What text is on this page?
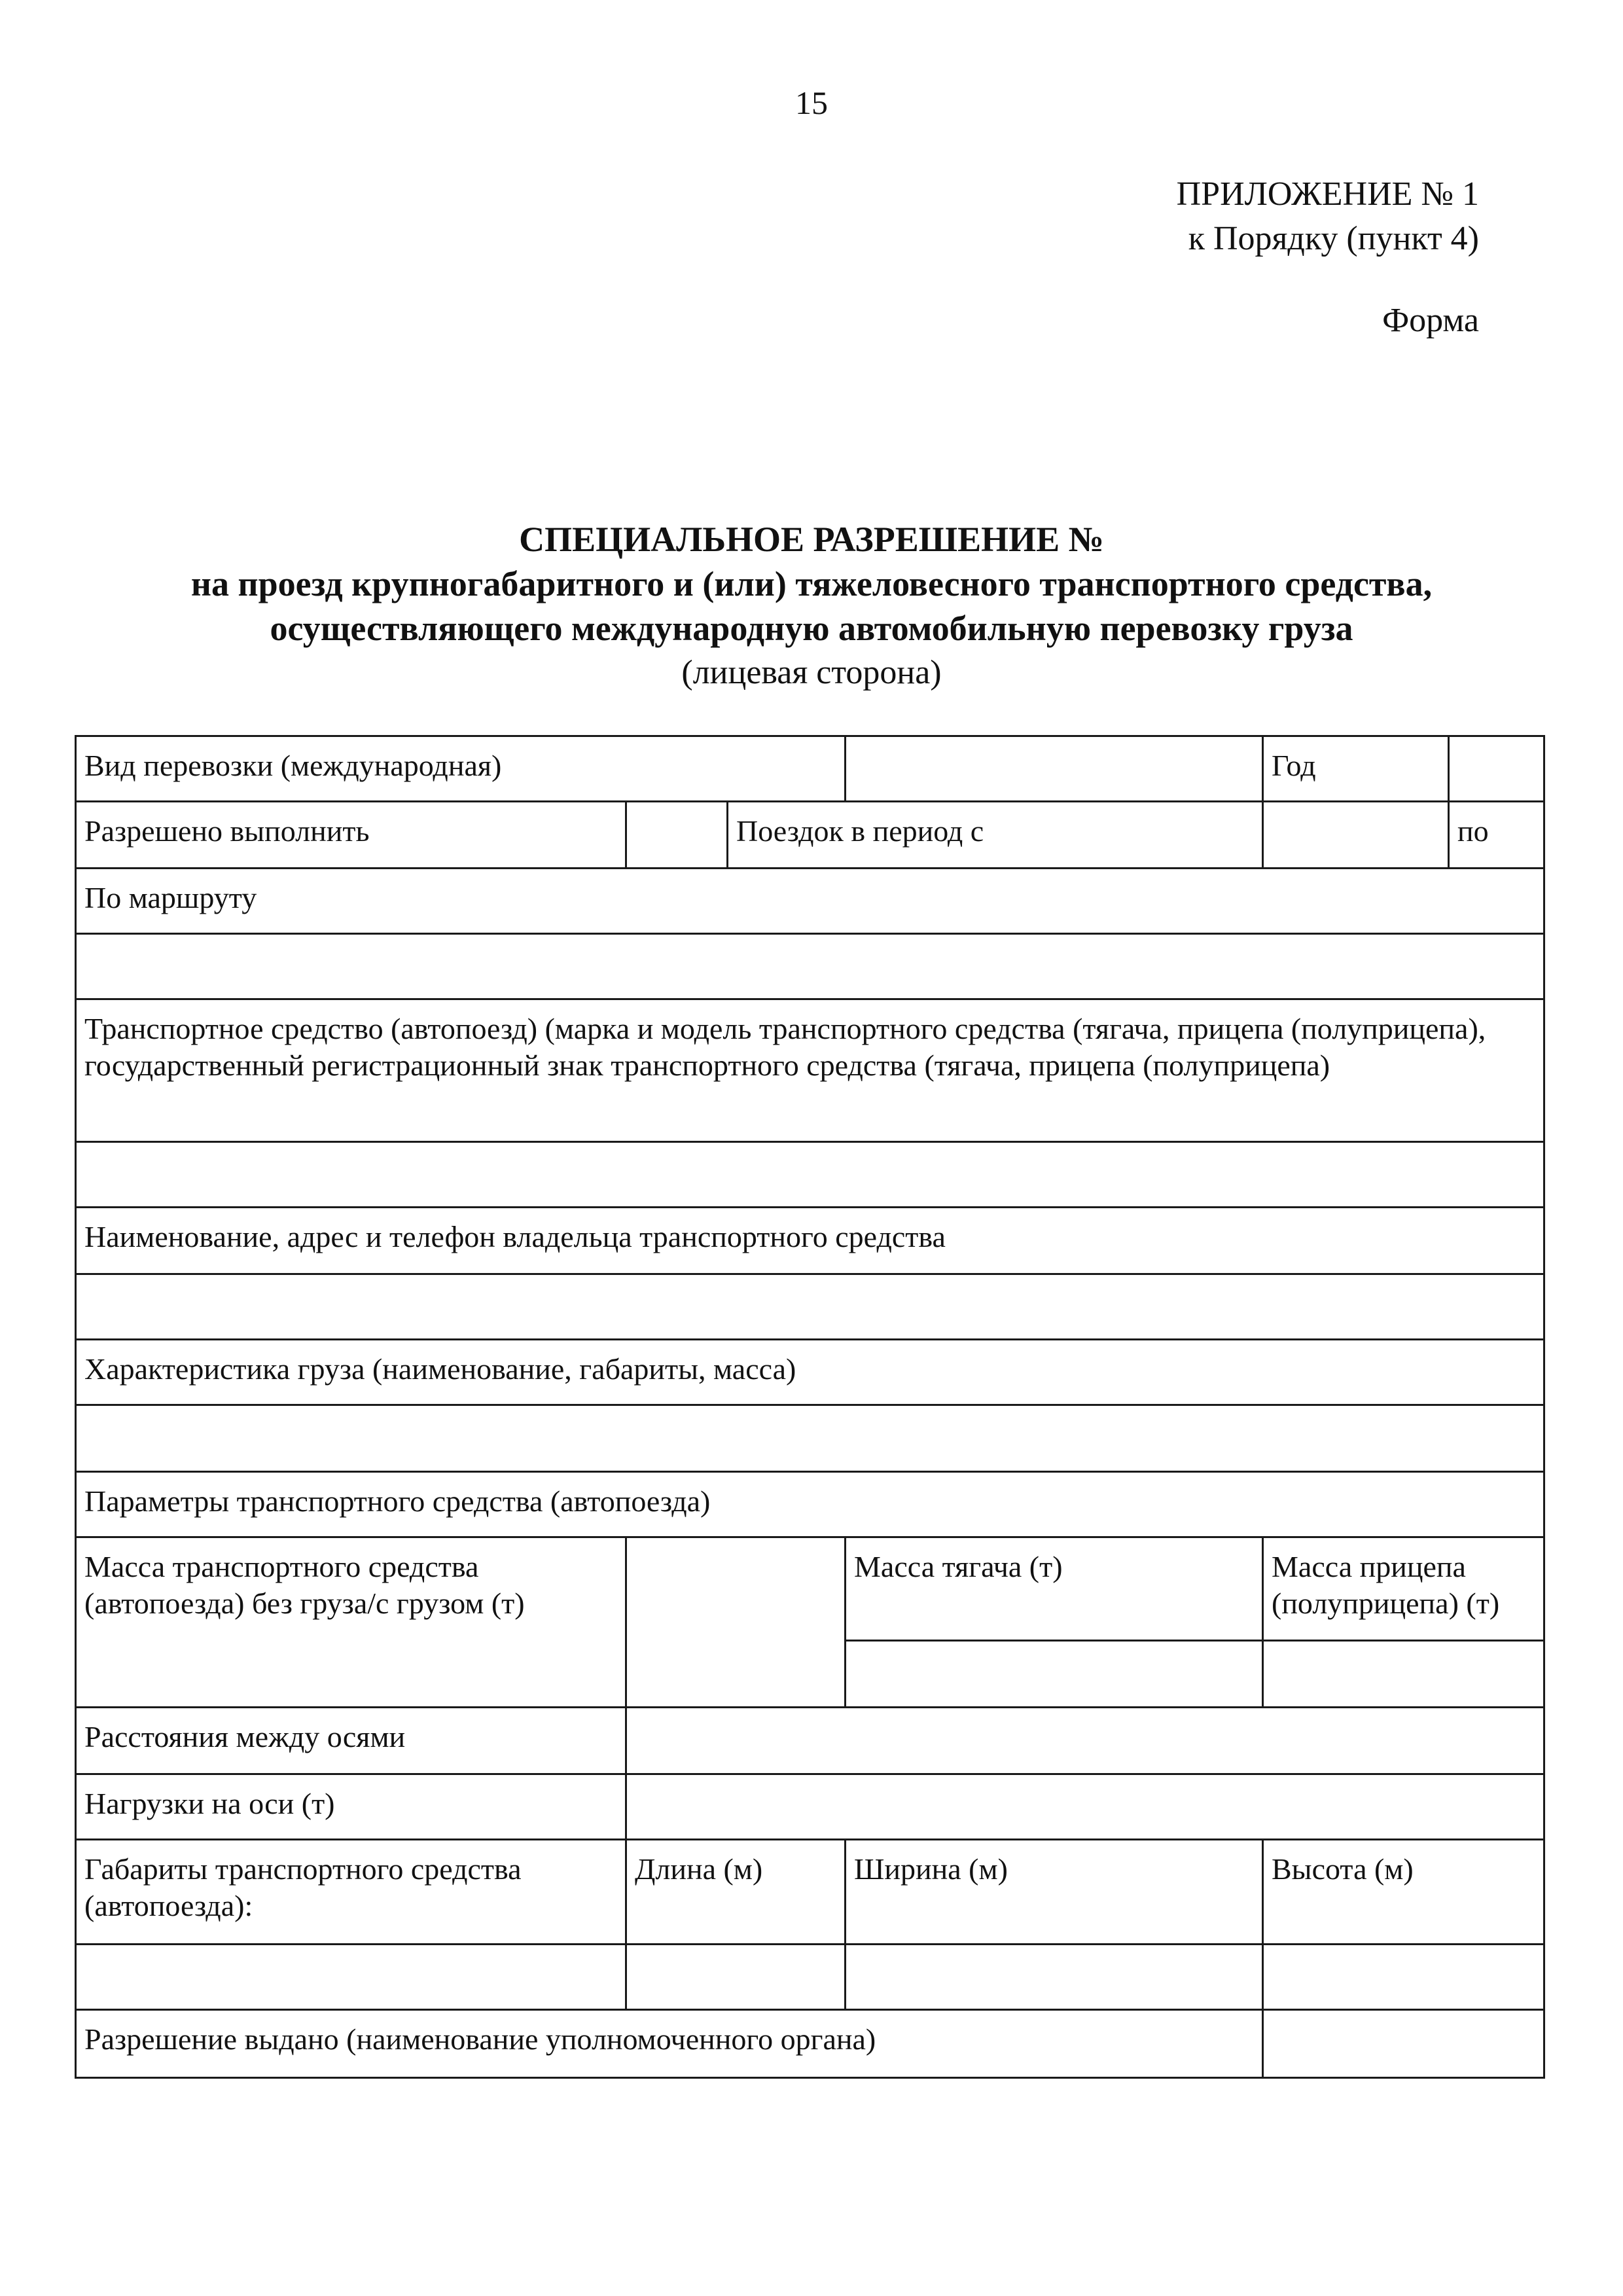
15
ПРИЛОЖЕНИЕ № 1
к Порядку (пункт 4)
Форма
СПЕЦИАЛЬНОЕ РАЗРЕШЕНИЕ №
на проезд крупногабаритного и (или) тяжеловесного транспортного средства,
осуществляющего международную автомобильную перевозку груза
(лицевая сторона)
Вид перевозки (международная)				Год	
Разрешено выполнить		Поездок в период с			по
По маршруту					

Транспортное средство (автопоезд) (марка и модель транспортного средства (тягача, прицепа (полуприцепа), государственный регистрационный знак транспортного средства (тягача, прицепа (полуприцепа)					

Наименование, адрес и телефон владельца транспортного средства					

Характеристика груза (наименование, габариты, масса)					

Параметры транспортного средства (автопоезда)					
Масса транспортного средства (автопоезда) без груза/с грузом (т)			Масса тягача (т)	Масса прицепа (полуприцепа) (т)	

Расстояния между осями					
Нагрузки на оси (т)					
Габариты транспортного средства (автопоезда):	Длина (м)		Ширина (м)	Высота (м)	

Разрешение выдано (наименование уполномоченного органа)					
